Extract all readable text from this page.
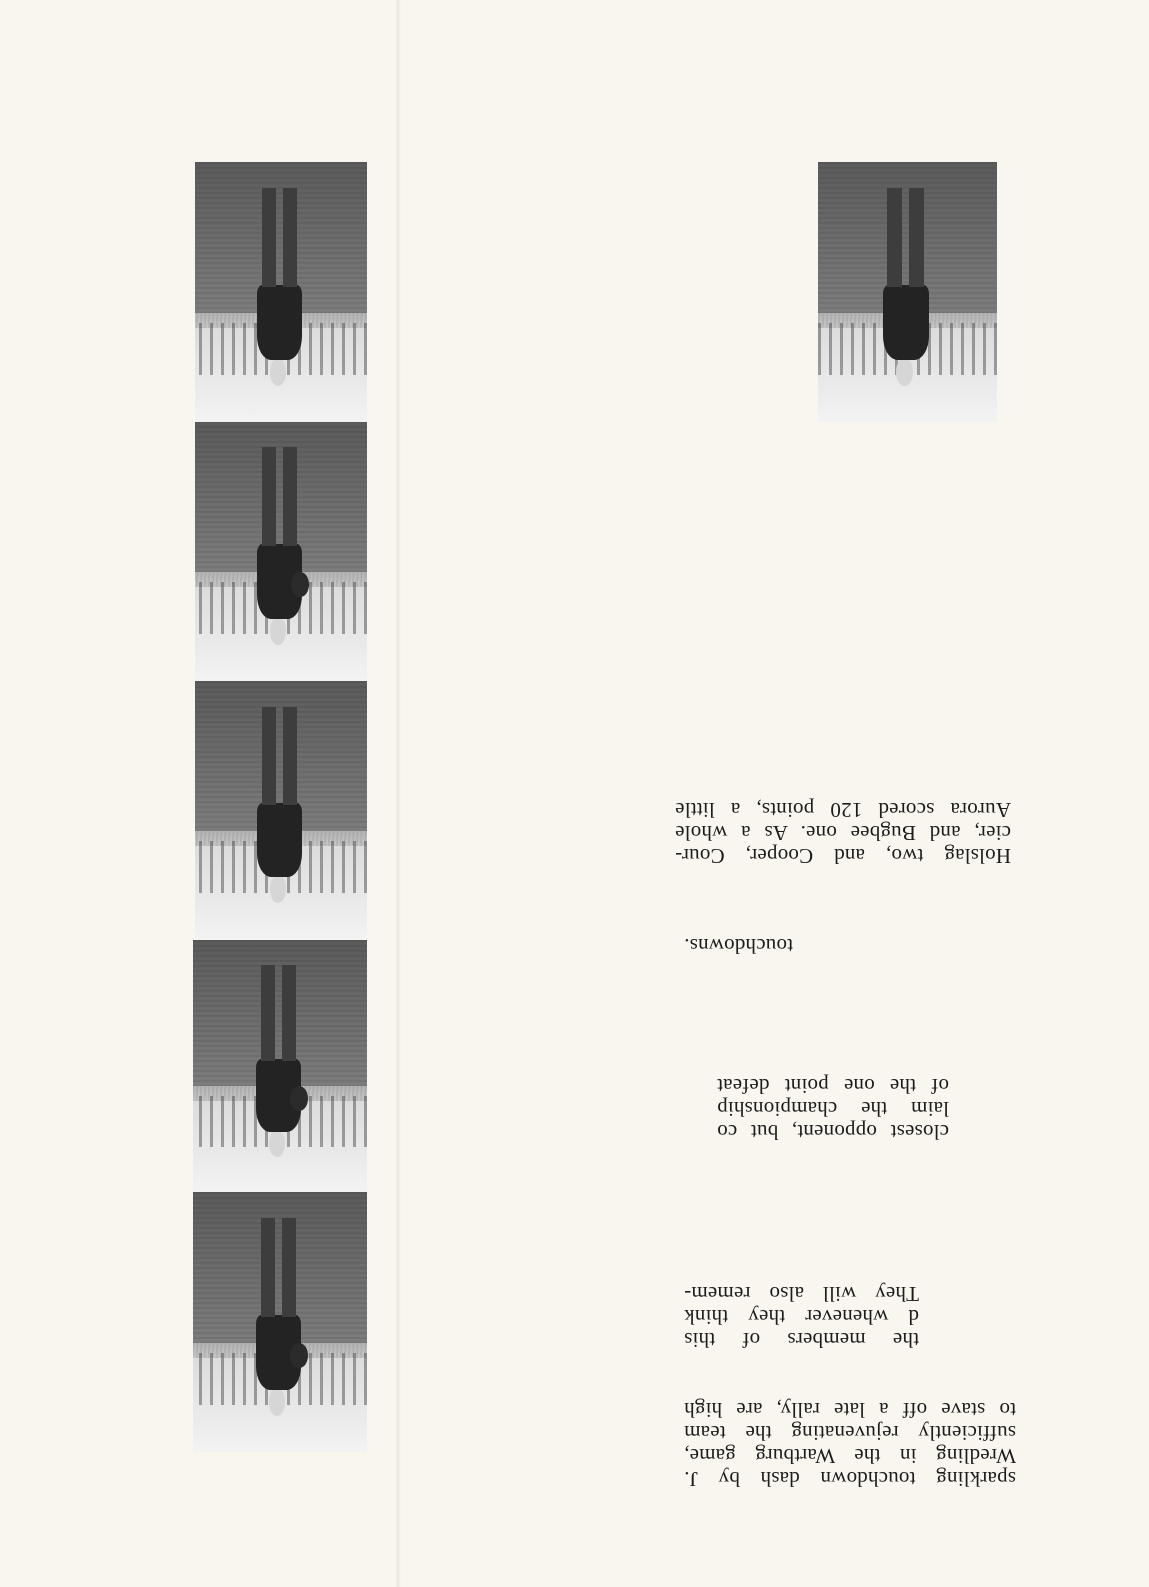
sparkling touchdown dash by J.
Wredling in the Wartburg game,
sufficiently rejuvenating the team
to stave off a late rally, are high
the members of this
d whenever they think
They will also remem-
closest opponent, but co
laim the championship
of the one point defeat
touchdowns.
Holslag two, and Cooper, Cour-
cier, and Bugbee one. As a whole
Aurora scored 120 points, a little
